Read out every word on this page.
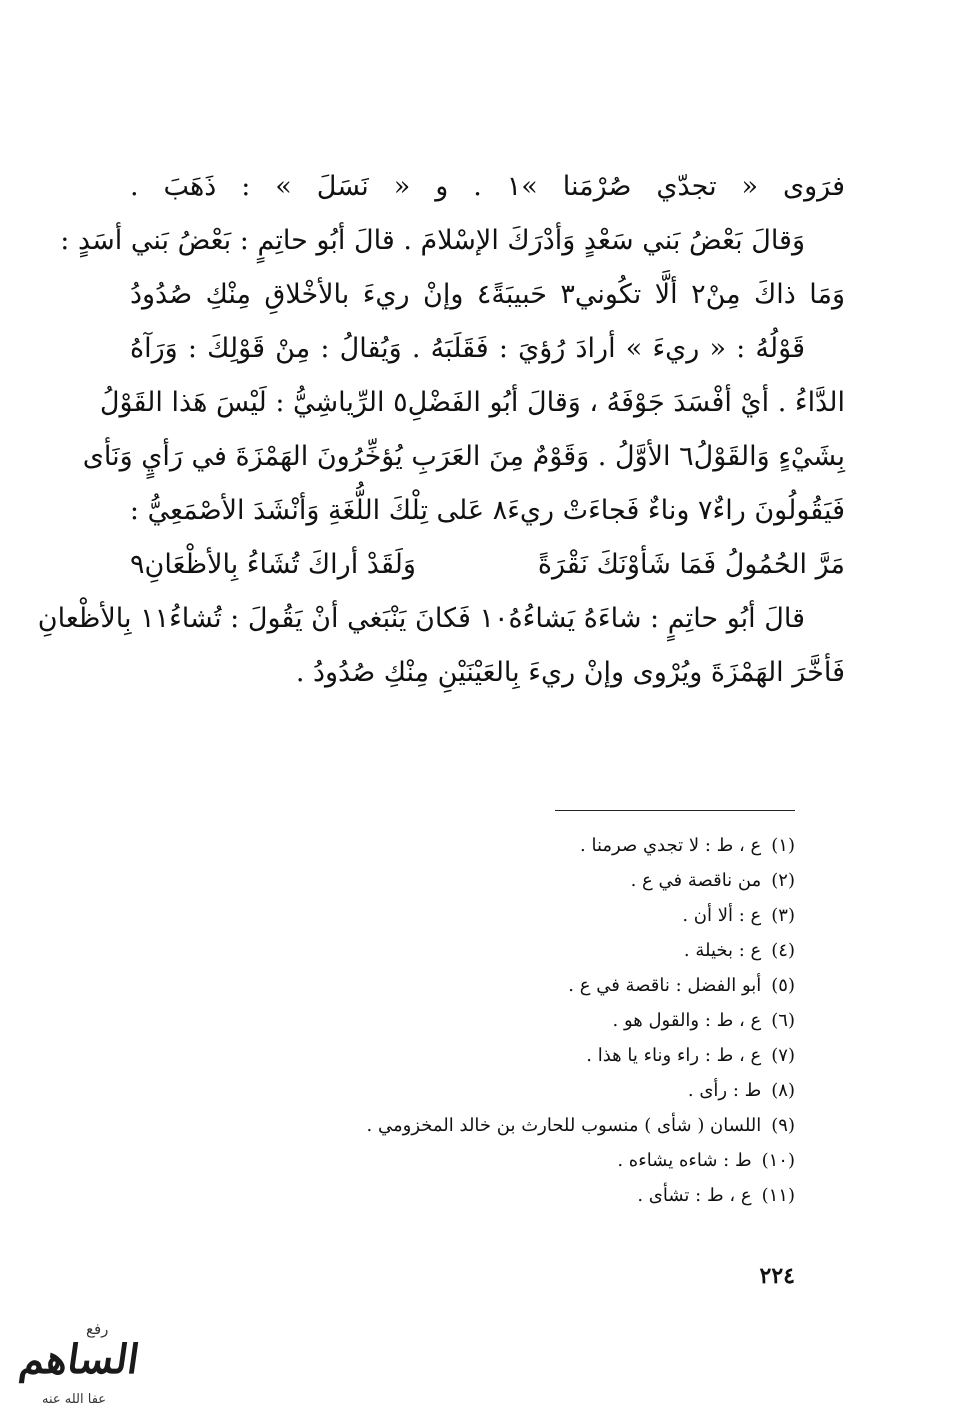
فرَوى « تجدّي صُرْمَنا »١ . و « نَسَلَ » : ذَهَبَ .
وَقالَ بَعْضُ بَني سَعْدٍ وَأدْرَكَ الإسْلامَ . قالَ أبُو حاتِمٍ : بَعْضُ بَني أسَدٍ :
وَمَا ذاكَ مِنْ٢ ألَّا تكُوني٣ حَبيبَةً٤ وإنْ ريءَ بالأخْلاقِ مِنْكِ صُدُودُ
قَوْلُهُ : « ريءَ » أرادَ رُؤيَ : فَقَلَبَهُ . وَيُقالُ : مِنْ قَوْلِكَ : وَرَآهُ
الدَّاءُ . أيْ أفْسَدَ جَوْفَهُ ، وَقالَ أبُو الفَضْلِ٥ الرِّياشِيُّ : لَيْسَ هَذا القَوْلُ
بِشَيْءٍ وَالقَوْلُ٦ الأوَّلُ . وَقَوْمٌ مِنَ العَرَبِ يُؤخِّرُونَ الهَمْزَةَ في رَأيٍ وَنَأى
فَيَقُولُونَ راءٌ٧ وناءٌ فَجاءَتْ ريءَ٨ عَلى تِلْكَ اللُّغَةِ وَأنْشَدَ الأصْمَعِيُّ :
مَرَّ الحُمُولُ فَمَا شَأوْنَكَ نَقْرَةً
وَلَقَدْ أراكَ تُشَاءُ بِالأظْعَانِ٩
قالَ أبُو حاتِمٍ : شاءَهُ يَشاءُهُ١٠ فَكانَ يَنْبَغي أنْ يَقُولَ : تُشاءُ١١ بِالأظْعانِ
فَأخَّرَ الهَمْزَةَ ويُرْوى وإنْ ريءَ بِالعَيْنَيْنِ مِنْكِ صُدُودُ .
(١)ع ، ط : لا تجدي صرمنا .
(٢)من ناقصة في ع .
(٣)ع : ألا أن .
(٤)ع : بخيلة .
(٥)أبو الفضل : ناقصة في ع .
(٦)ع ، ط : والقول هو .
(٧)ع ، ط : راء وناء يا هذا .
(٨)ط : رأى .
(٩)اللسان ( شأى ) منسوب للحارث بن خالد المخزومي .
(١٠)ط : شاءه يشاءه .
(١١)ع ، ط : تشأى .
٢٢٤
رفع
الساهم
عفا الله عنه
